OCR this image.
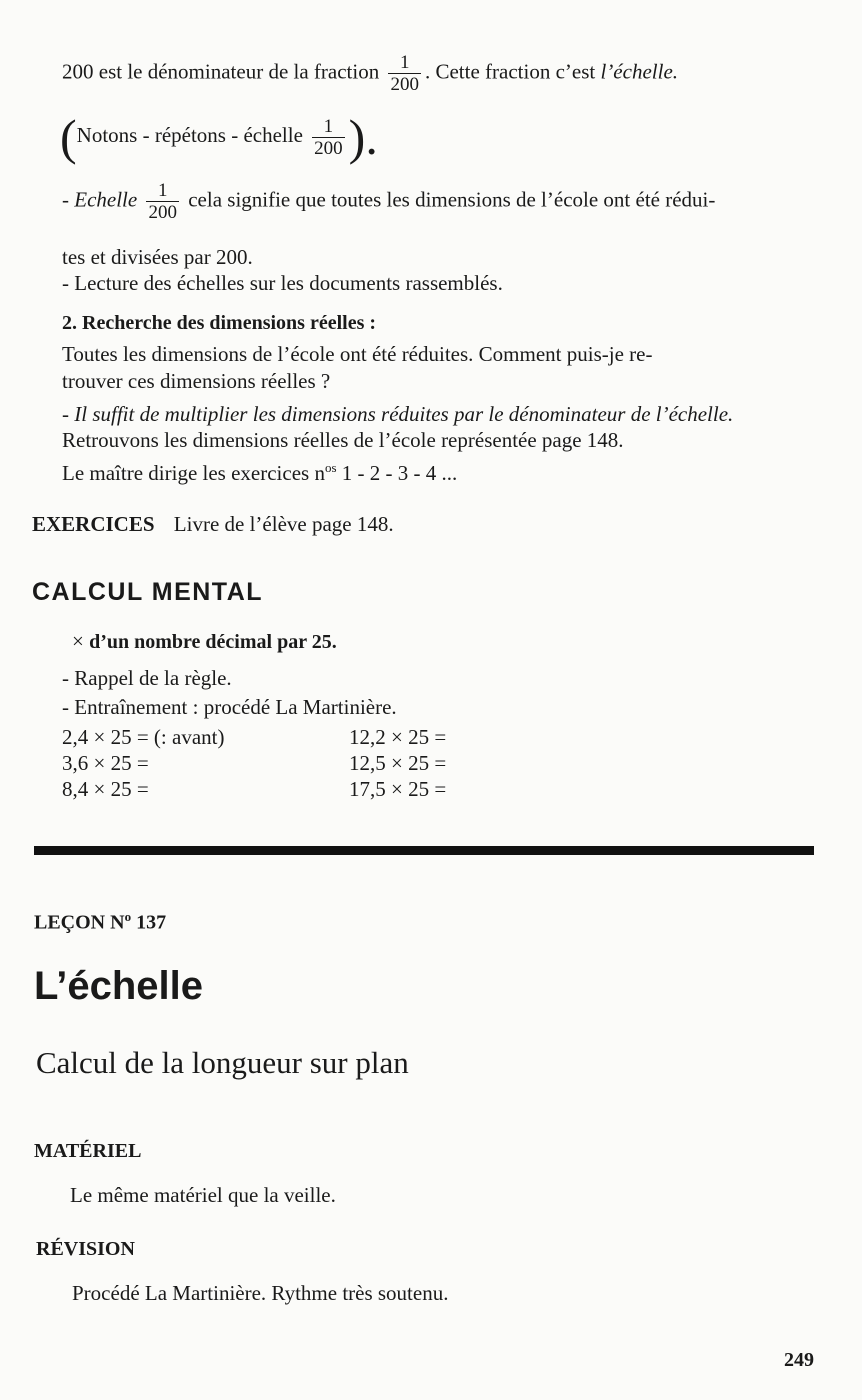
200 est le dénominateur de la fraction $\frac{1}{200}$ . Cette fraction c’est l’échelle.
(Notons - répétons - échelle $\frac{1}{200}$ ).
- Echelle $\frac{1}{200}$ cela signifie que toutes les dimensions de l’école ont été rédui-
tes et divisées par 200.
- Lecture des échelles sur les documents rassemblés.
2. Recherche des dimensions réelles :
Toutes les dimensions de l’école ont été réduites. Comment puis-je re-
trouver ces dimensions réelles ?
- Il suffit de multiplier les dimensions réduites par le dénominateur de l’échelle.
Retrouvons les dimensions réelles de l’école représentée page 148.
Le maître dirige les exercices $n^{os}$ 1 - 2 - 3 - 4 ...
EXERCICES Livre de l’élève page 148.
CALCUL MENTAL
× d’un nombre décimal par 25.
- Rappel de la règle.
- Entraînement : procédé La Martinière.
2,4 × 25 = (: avant)	12,2 × 25 =
3,6 × 25 =	12,5 × 25 =
8,4 × 25 =	17,5 × 25 =
LEÇON $N^o$ 137
L’échelle
Calcul de la longueur sur plan
MATÉRIEL
Le même matériel que la veille.
RÉVISION
Procédé La Martinière. Rythme très soutenu.
249
